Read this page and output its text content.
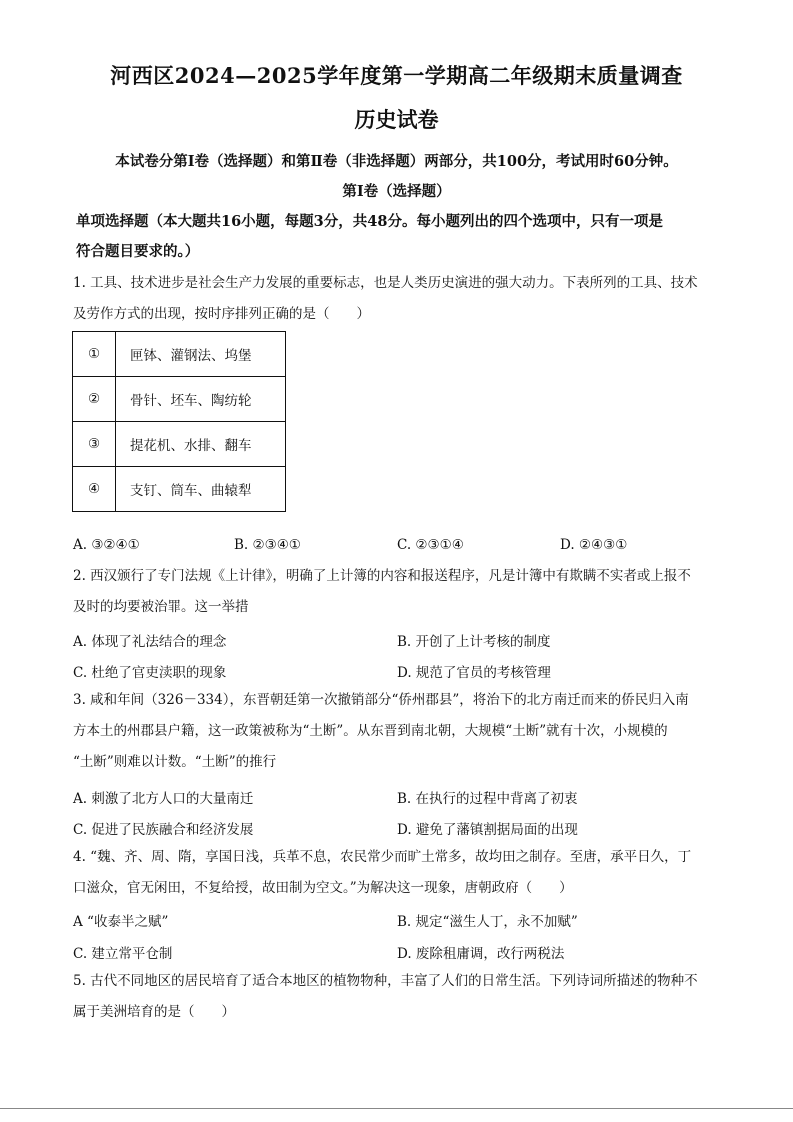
河西区2024—2025学年度第一学期高二年级期末质量调查
历史试卷
本试卷分第Ⅰ卷（选择题）和第Ⅱ卷（非选择题）两部分，共100分，考试用时60分钟。
第Ⅰ卷（选择题）
单项选择题（本大题共16小题，每题3分，共48分。每小题列出的四个选项中，只有一项是
符合题目要求的。）
1. 工具、技术进步是社会生产力发展的重要标志，也是人类历史演进的强大动力。下表所列的工具、技术
及劳作方式的出现，按时序排列正确的是（　　）
①	匣钵、灌钢法、坞堡
②	骨针、坯车、陶纺轮
③	提花机、水排、翻车
④	支钉、筒车、曲辕犁
A. ③②④①	B. ②③④①	C. ②③①④	D. ②④③①
2. 西汉颁行了专门法规《上计律》，明确了上计簿的内容和报送程序，凡是计簿中有欺瞒不实者或上报不
及时的均要被治罪。这一举措
A. 体现了礼法结合的理念	B. 开创了上计考核的制度
C. 杜绝了官吏渎职的现象	D. 规范了官员的考核管理
3. 咸和年间（326－334），东晋朝廷第一次撤销部分“侨州郡县”，将治下的北方南迁而来的侨民归入南
方本土的州郡县户籍，这一政策被称为“土断”。从东晋到南北朝，大规模“土断”就有十次，小规模的
“土断”则难以计数。“土断”的推行
A. 刺激了北方人口的大量南迁	B. 在执行的过程中背离了初衷
C. 促进了民族融合和经济发展	D. 避免了藩镇割据局面的出现
4. “魏、齐、周、隋，享国日浅，兵革不息，农民常少而旷土常多，故均田之制存。至唐，承平日久，丁
口滋众，官无闲田，不复给授，故田制为空文。”为解决这一现象，唐朝政府（　　）
A “收泰半之赋”	B. 规定“滋生人丁，永不加赋”
C. 建立常平仓制	D. 废除租庸调，改行两税法
5. 古代不同地区的居民培育了适合本地区的植物物种，丰富了人们的日常生活。下列诗词所描述的物种不
属于美洲培育的是（　　）
